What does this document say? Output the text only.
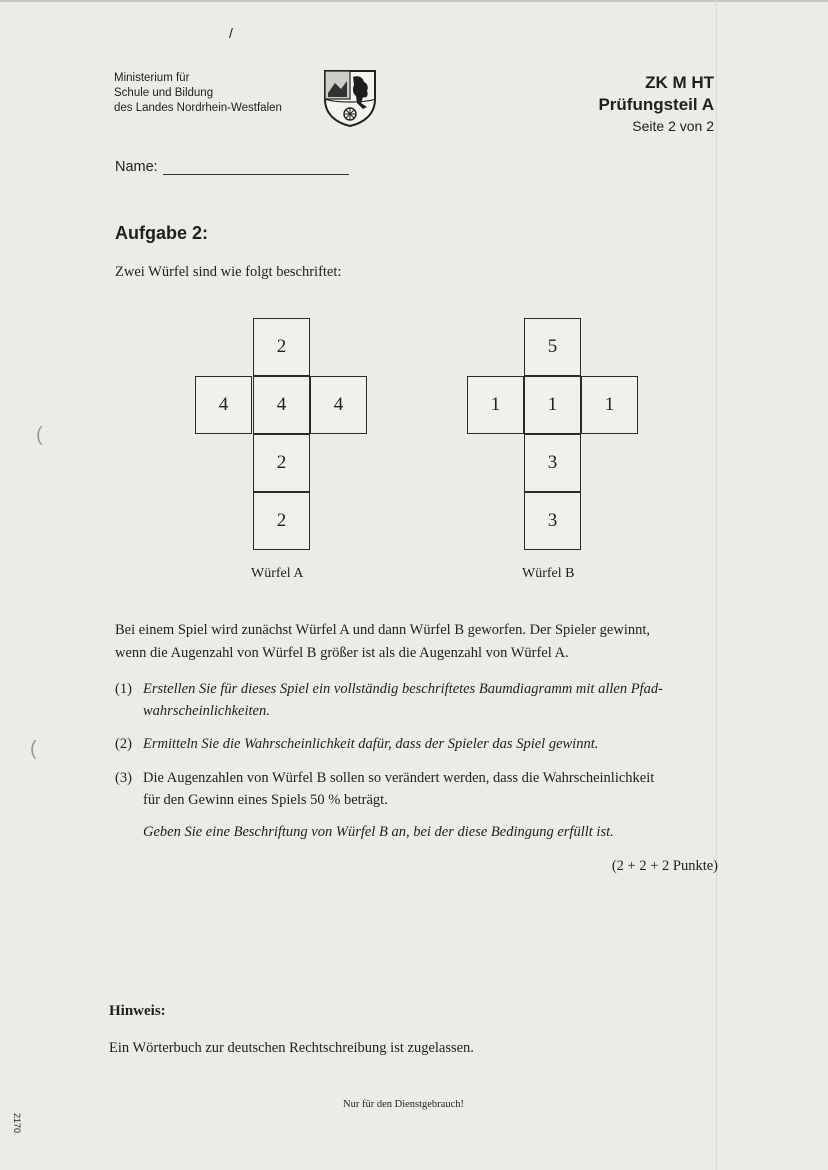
/
(
(
Ministerium für
Schule und Bildung
des Landes Nordrhein-Westfalen
ZK M HT
Prüfungsteil A
Seite 2 von 2
Name:
Aufgabe 2:
Zwei Würfel sind wie folgt beschriftet:
2
4	4	4
2
2
Würfel A
5
1	1	1
3
3
Würfel B
Bei einem Spiel wird zunächst Würfel A und dann Würfel B geworfen. Der Spieler gewinnt,
wenn die Augenzahl von Würfel B größer ist als die Augenzahl von Würfel A.
(1) Erstellen Sie für dieses Spiel ein vollständig beschriftetes Baumdiagramm mit allen Pfad-
wahrscheinlichkeiten.
(2) Ermitteln Sie die Wahrscheinlichkeit dafür, dass der Spieler das Spiel gewinnt.
(3) Die Augenzahlen von Würfel B sollen so verändert werden, dass die Wahrscheinlichkeit
für den Gewinn eines Spiels 50 % beträgt.
Geben Sie eine Beschriftung von Würfel B an, bei der diese Bedingung erfüllt ist.
(2 + 2 + 2 Punkte)
Hinweis:
Ein Wörterbuch zur deutschen Rechtschreibung ist zugelassen.
Nur für den Dienstgebrauch!
2170
